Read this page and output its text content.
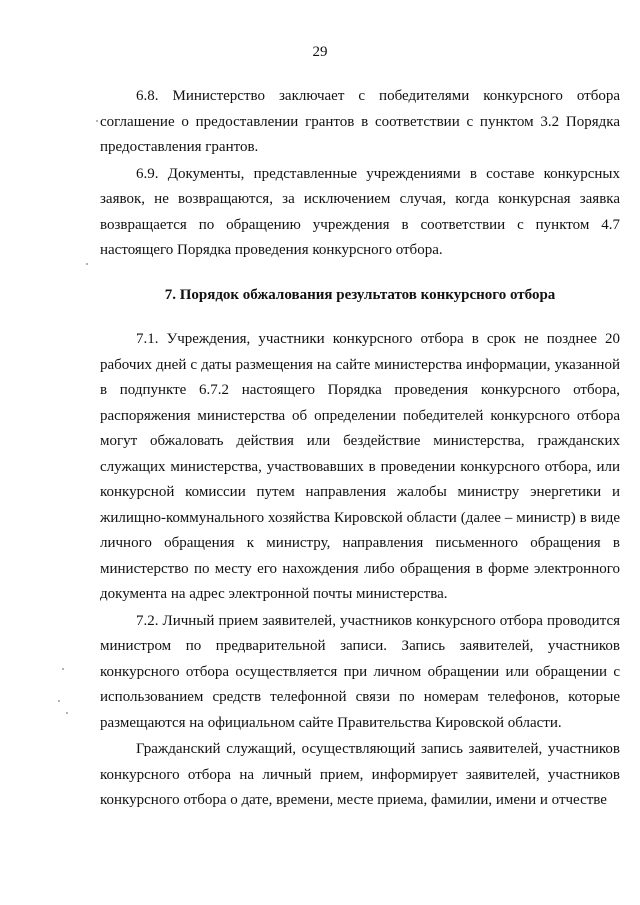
29

6.8. Министерство заключает с победителями конкурсного отбора соглашение о предоставлении грантов в соответствии с пунктом 3.2 Порядка предоставления грантов.

6.9. Документы, представленные учреждениями в составе конкурсных заявок, не возвращаются, за исключением случая, когда конкурсная заявка возвращается по обращению учреждения в соответствии с пунктом 4.7 настоящего Порядка проведения конкурсного отбора.

7. Порядок обжалования результатов конкурсного отбора

7.1. Учреждения, участники конкурсного отбора в срок не позднее 20 рабочих дней с даты размещения на сайте министерства информации, указанной в подпункте 6.7.2 настоящего Порядка проведения конкурсного отбора, распоряжения министерства об определении победителей конкурсного отбора могут обжаловать действия или бездействие министерства, гражданских служащих министерства, участвовавших в проведении конкурсного отбора, или конкурсной комиссии путем направления жалобы министру энергетики и жилищно-коммунального хозяйства Кировской области (далее – министр) в виде личного обращения к министру, направления письменного обращения в министерство по месту его нахождения либо обращения в форме электронного документа на адрес электронной почты министерства.

7.2. Личный прием заявителей, участников конкурсного отбора проводится министром по предварительной записи. Запись заявителей, участников конкурсного отбора осуществляется при личном обращении или обращении с использованием средств телефонной связи по номерам телефонов, которые размещаются на официальном сайте Правительства Кировской области.

Гражданский служащий, осуществляющий запись заявителей, участников конкурсного отбора на личный прием, информирует заявителей, участников конкурсного отбора о дате, времени, месте приема, фамилии, имени и отчестве
